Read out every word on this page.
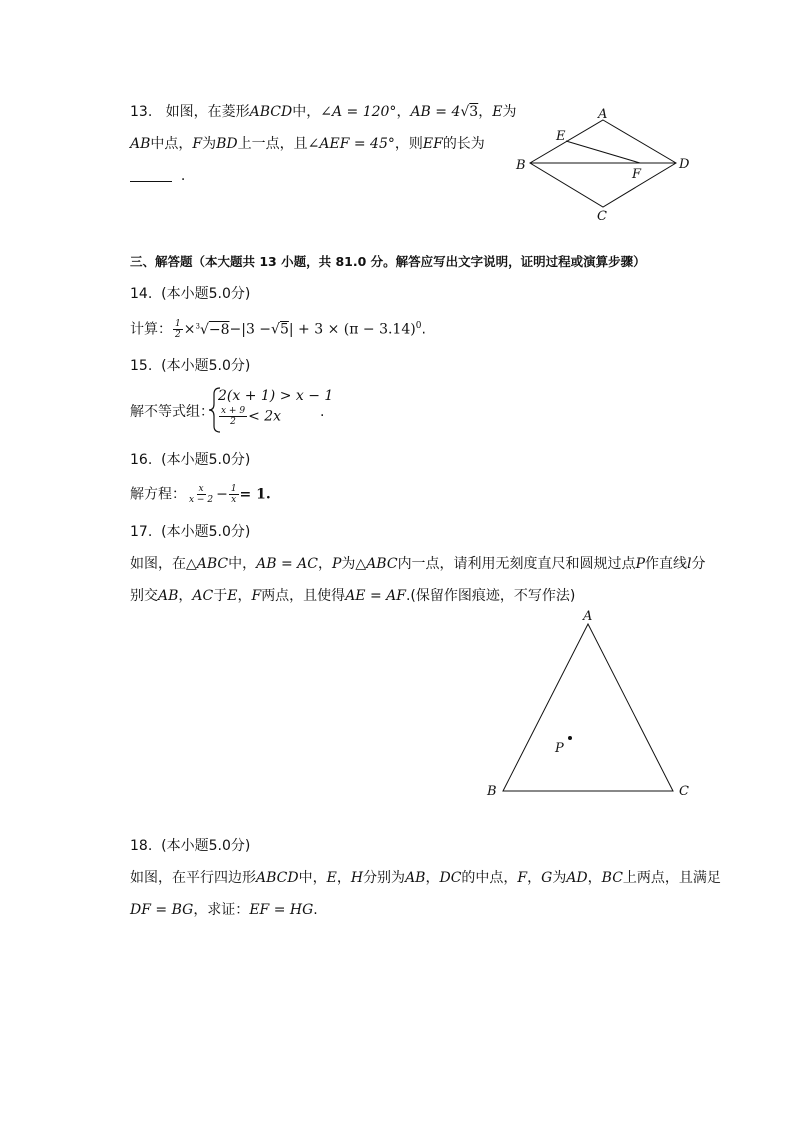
13. 如图，在菱形ABCD中，∠A = 120°，AB = 4√3，E为
AB中点，F为BD上一点，且∠AEF = 45°，则EF的长为
.
A
E
B
F
D
C
三、解答题（本大题共 13 小题，共 81.0 分。解答应写出文字说明，证明过程或演算步骤）
14. (本小题5.0分)
计算： $\frac{1}{2} \times^3√-8-|3 -√5| + 3 \times (\pi - 3.14)^0$.
15. (本小题5.0分)
解不等式组：
2(x + 1) > x − 1
$\frac{x + 9}{2} < 2x$	.
16. (本小题5.0分)
解方程： $\frac{x}{x - 2} - \frac{1}{x} = 1$.
17. (本小题5.0分)
如图，在△ABC中，AB = AC，P为△ABC内一点，请利用无刻度直尺和圆规过点P作直线l分
别交AB，AC于E，F两点，且使得AE = AF.(保留作图痕迹，不写作法)
A
P
B	C
18. (本小题5.0分)
如图，在平行四边形ABCD中，E，H分别为AB，DC的中点，F，G为AD，BC上两点，且满足
DF = BG，求证：EF = HG.
